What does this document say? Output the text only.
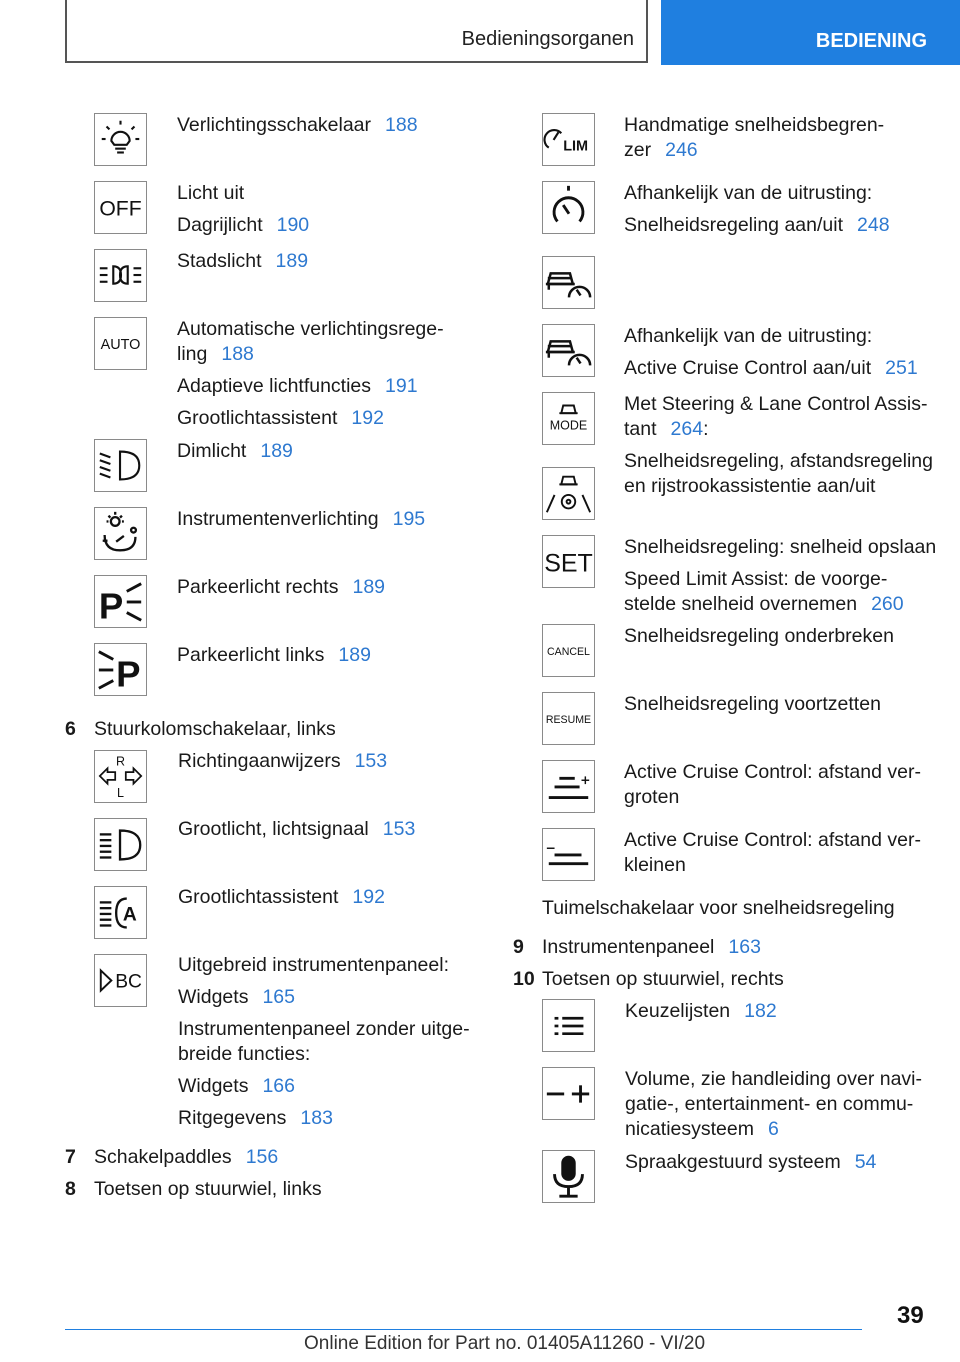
Bedieningsorganen	BEDIENING
Verlichtingsschakelaar 188
OFF
Licht uit
Dagrijlicht 190
Stadslicht 189
AUTO
Automatische verlichtingsrege-
ling 188
Adaptieve lichtfuncties 191
Grootlichtassistent 192
Dimlicht 189
Instrumentenverlichting 195
P	Parkeerlicht rechts 189
P Parkeerlicht links 189
6 Stuurkolomschakelaar, links
R
L
Richtingaanwijzers 153
Grootlicht, lichtsignaal 153
A
Grootlichtassistent 192
BC
Uitgebreid instrumentenpaneel:
Widgets 165
Instrumentenpaneel zonder uitge-
breide functies:
Widgets 166
Ritgegevens 183
7 Schakelpaddles 156
8 Toetsen op stuurwiel, links
LIM
Handmatige snelheidsbegren-
zer 246
Afhankelijk van de uitrusting:
Snelheidsregeling aan/uit 248
Afhankelijk van de uitrusting:
Active Cruise Control aan/uit 251
MODE
Met Steering & Lane Control Assis-
tant 264:
Snelheidsregeling, afstandsregeling
en rijstrookassistentie aan/uit
SET
Snelheidsregeling: snelheid opslaan
Speed Limit Assist: de voorge-
stelde snelheid overnemen 260
CANCEL
Snelheidsregeling onderbreken
RESUME
Snelheidsregeling voortzetten
Active Cruise Control: afstand ver-
groten
Active Cruise Control: afstand ver-
kleinen
Tuimelschakelaar voor snelheidsregeling
9 Instrumentenpaneel 163
10 Toetsen op stuurwiel, rechts
Keuzelijsten 182
Volume, zie handleiding over navi-
gatie-, entertainment- en commu-
nicatiesysteem 6
Spraakgestuurd systeem 54
39
Online Edition for Part no. 01405A11260 - VI/20
